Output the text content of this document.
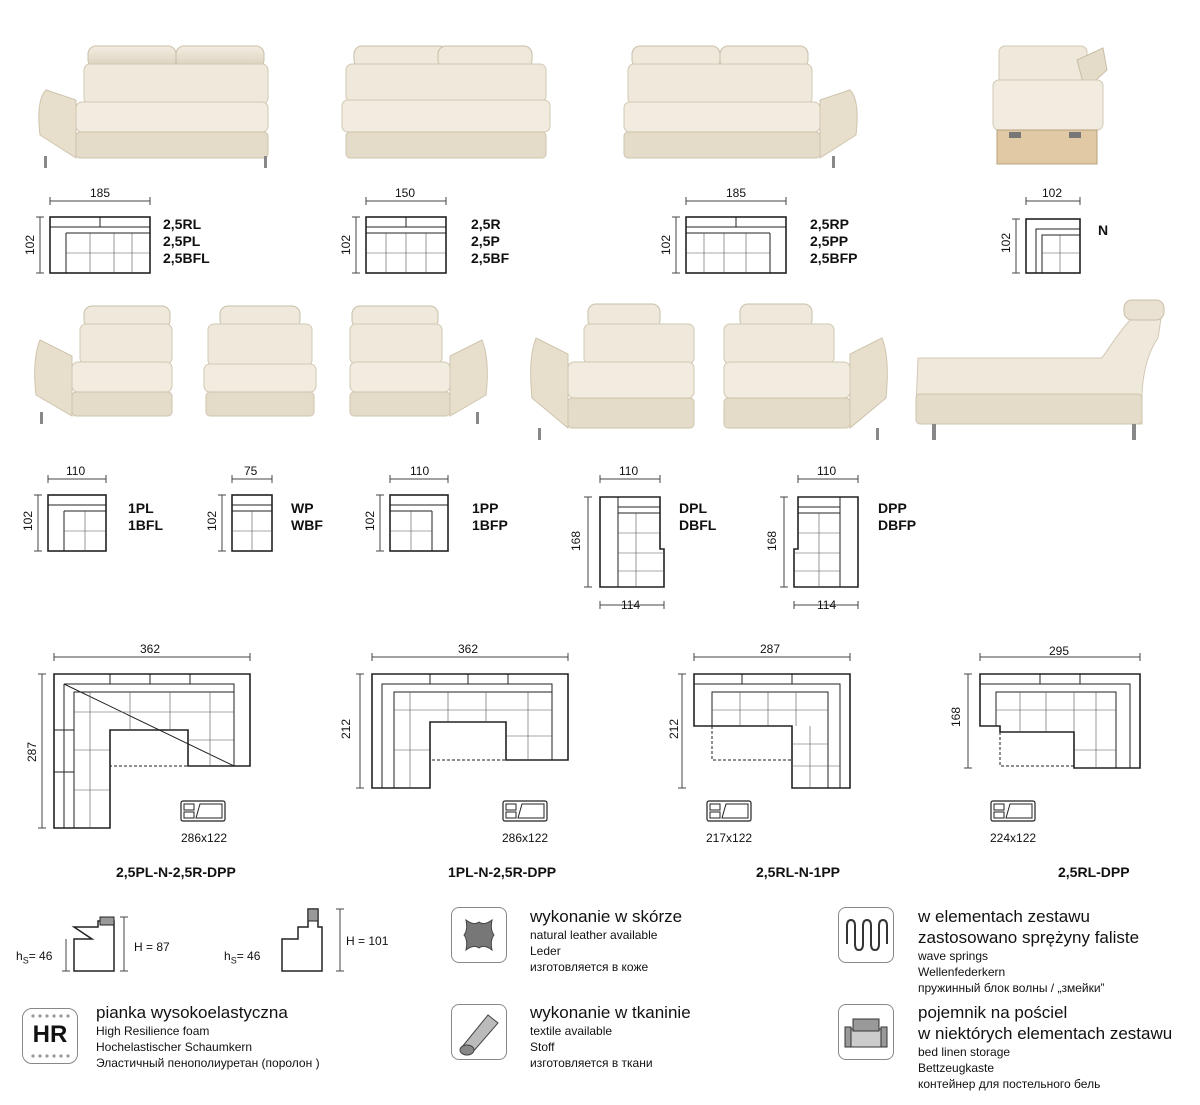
185
102
2,5RL
2,5PL
2,5BFL
150
102
2,5R
2,5P
2,5BF
185
102
2,5RP
2,5PP
2,5BFP
102
102
N
110
102
1PL
1BFL
75
102
WP
WBF
110
102
1PP
1BFP
110
168
114
DPL
DBFL
110
168
114
DPP
DBFP
362
287
286x122
2,5PL-N-2,5R-DPP
362
212
286x122
1PL-N-2,5R-DPP
287
212
217x122
2,5RL-N-1PP
295
168
224x122
2,5RL-DPP
$h_S= 46$
H = 87
$h_S= 46$
H = 101
wykonanie w skórze
natural leather available
Leder
изготовляется в коже
wykonanie w tkaninie
textile available
Stoff
изготовляется в ткани
w elementach zestawu
zastosowano sprężyny faliste
wave springs
Wellenfederkern
пружинный блок волны / „змейки”
pojemnik na pościel
w niektórych elementach zestawu
bed linen storage
Bettzeugkaste
контейнер для постельного бель
HR
pianka wysokoelastyczna
High Resilience foam
Hochelastischer Schaumkern
Эластичный пенополиуретан (поролон )
